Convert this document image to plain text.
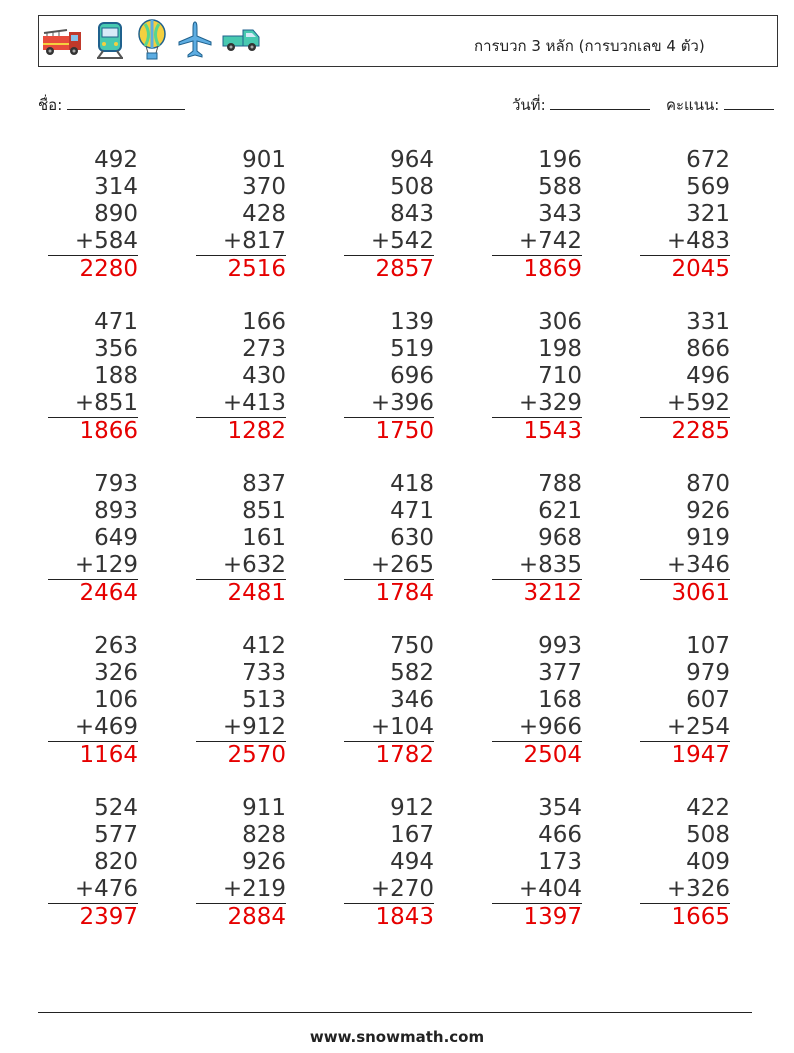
การบวก 3 หลัก (การบวกเลข 4 ตัว)
ชื่อ:	วันที่:	คะแนน:
492
314
890
+584
2280
901
370
428
+817
2516
964
508
843
+542
2857
196
588
343
+742
1869
672
569
321
+483
2045
471
356
188
+851
1866
166
273
430
+413
1282
139
519
696
+396
1750
306
198
710
+329
1543
331
866
496
+592
2285
793
893
649
+129
2464
837
851
161
+632
2481
418
471
630
+265
1784
788
621
968
+835
3212
870
926
919
+346
3061
263
326
106
+469
1164
412
733
513
+912
2570
750
582
346
+104
1782
993
377
168
+966
2504
107
979
607
+254
1947
524
577
820
+476
2397
911
828
926
+219
2884
912
167
494
+270
1843
354
466
173
+404
1397
422
508
409
+326
1665
www.snowmath.com
